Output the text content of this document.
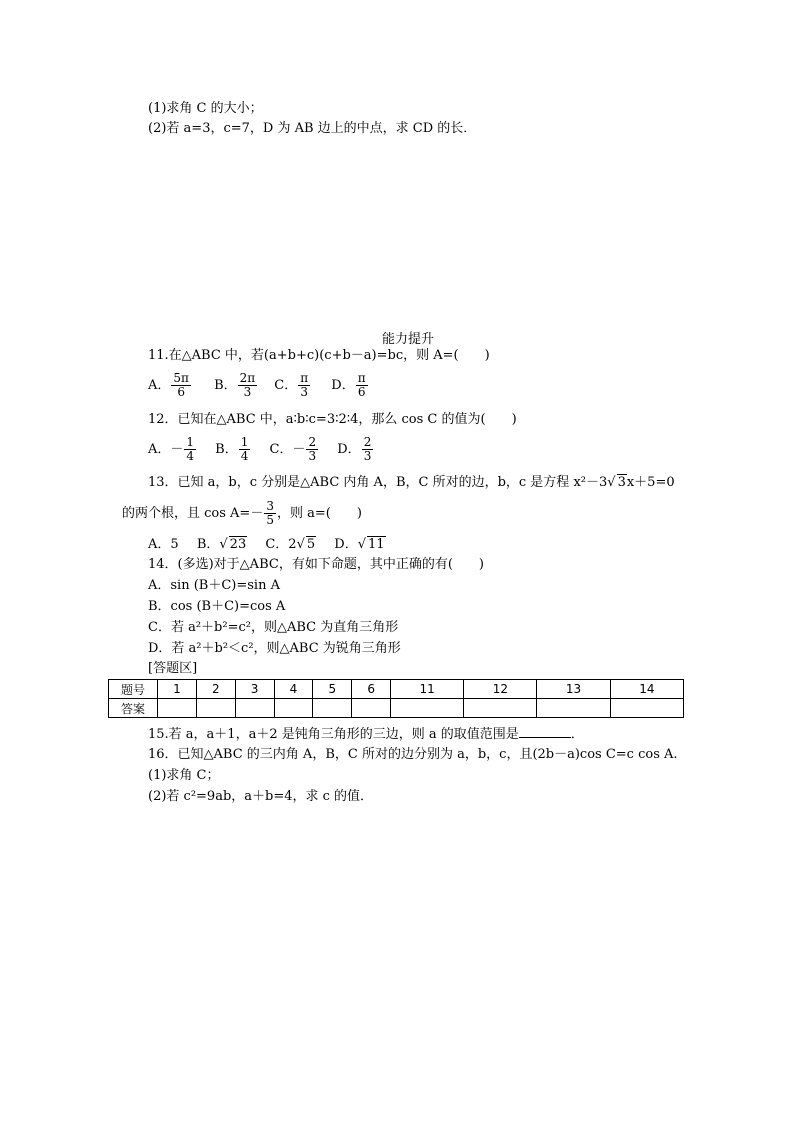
(1)求角 C 的大小；
(2)若 a=3，c=7，D 为 AB 边上的中点，求 CD 的长．
能力提升
11.在△ABC 中，若(a+b+c)(c+b－a)=bc，则 A=(　　)
A． $\frac{5\pi}{6}$ B． $\frac{2\pi}{3}$ C． $\frac{\pi}{3}$ D． $\frac{\pi}{6}$
12．已知在△ABC 中，a∶b∶c=3∶2∶4，那么 cos C 的值为(　　)
A．－ $\frac{1}{4}$ B． $\frac{1}{4}$ C．－ $\frac{2}{3}$ D． $\frac{2}{3}$
13．已知 a，b，c 分别是△ABC 内角 A，B，C 所对的边，b，c 是方程 x²－3√ 3x＋5=0
的两个根，且 $\cos A=- \frac{3}{5}$ ，则 a=(　　)
A．5 B．√ 23 C．2√ 5 D．√ 11
14．(多选)对于△ABC，有如下命题，其中正确的有(　　)
A．sin (B＋C)=sin A
B．cos (B＋C)=cos A
C．若 a²＋b²=c²，则△ABC 为直角三角形
D．若 a²＋b²＜c²，则△ABC 为锐角三角形
[答题区]
题号	1	2	3	4	5	6	11	12	13	14
答案										
15.若 a，a＋1，a＋2 是钝角三角形的三边，则 a 的取值范围是	．
16．已知△ABC 的三内角 A，B，C 所对的边分别为 a，b，c，且(2b－a)cos C=c cos A.
(1)求角 C；
(2)若 c²=9ab，a＋b=4，求 c 的值．
